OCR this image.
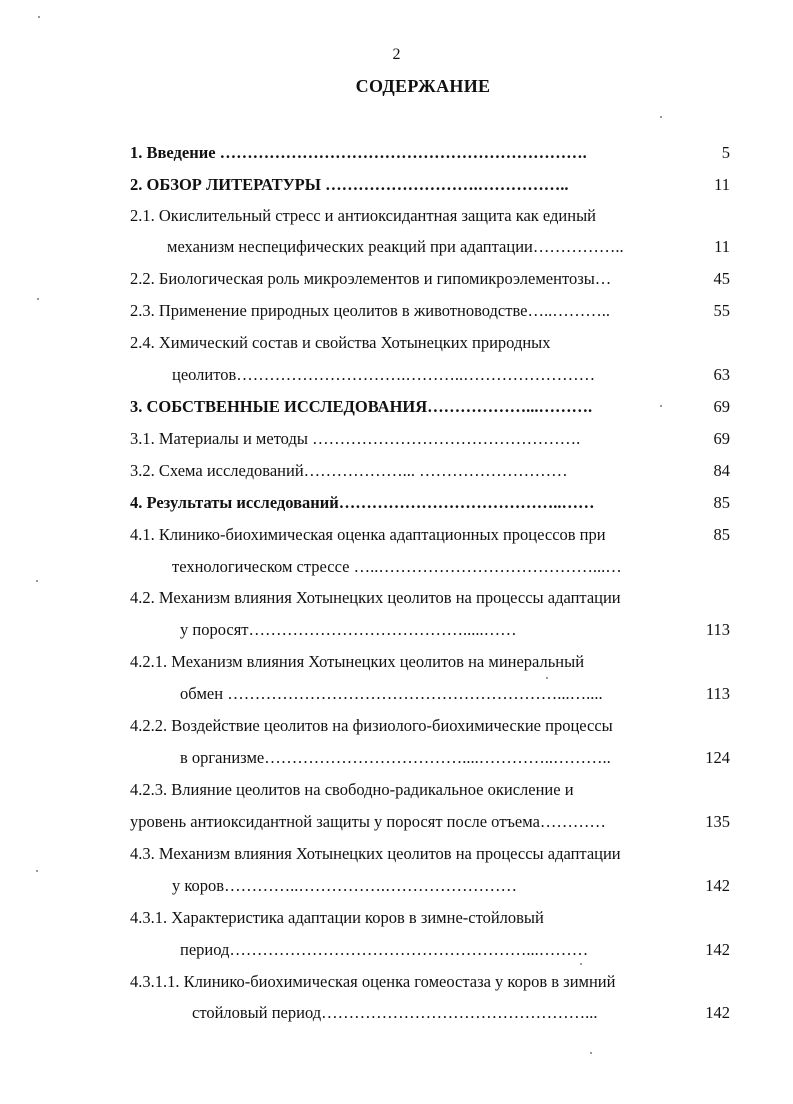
2
СОДЕРЖАНИЕ
1. Введение ………………………………………………………….	5
2. ОБЗОР ЛИТЕРАТУРЫ ……………………….……………..	11
2.1. Окислительный стресс и антиоксидантная защита как единый
механизм неспецифических реакций при адаптации……………..	11
2.2. Биологическая роль микроэлементов и гипомикроэлементозы…	45
2.3. Применение природных цеолитов в животноводстве…..………..	55
2.4. Химический состав и свойства Хотынецких природных
цеолитов………………………….………..……………………	63
3. СОБСТВЕННЫЕ ИССЛЕДОВАНИЯ………………...……….	69
3.1. Материалы и методы ………………………………………….	69
3.2. Схема исследований………………... ………………………	84
4. Результаты исследований…………………………………..……	85
4.1. Клинико-биохимическая оценка адаптационных процессов при	85
технологическом стрессе …..…………………………………...…
4.2. Механизм влияния Хотынецких цеолитов на процессы адаптации
у поросят………………………………….....……	113
4.2.1. Механизм влияния Хотынецких цеолитов на минеральный
обмен ……………………………………………………...…....	113
4.2.2. Воздействие цеолитов на физиолого-биохимические процессы
в организме………………………………....…………..………..	124
4.2.3. Влияние цеолитов на свободно-радикальное окисление и
уровень антиоксидантной защиты у поросят после отъема…………	135
4.3. Механизм влияния Хотынецких цеолитов на процессы адаптации
у коров…………..…………….……………………	142
4.3.1. Характеристика адаптации коров в зимне-стойловый
период………………………………………………...………	142
4.3.1.1. Клинико-биохимическая оценка гомеостаза у коров в зимний
стойловый период…………………………………………...	142
